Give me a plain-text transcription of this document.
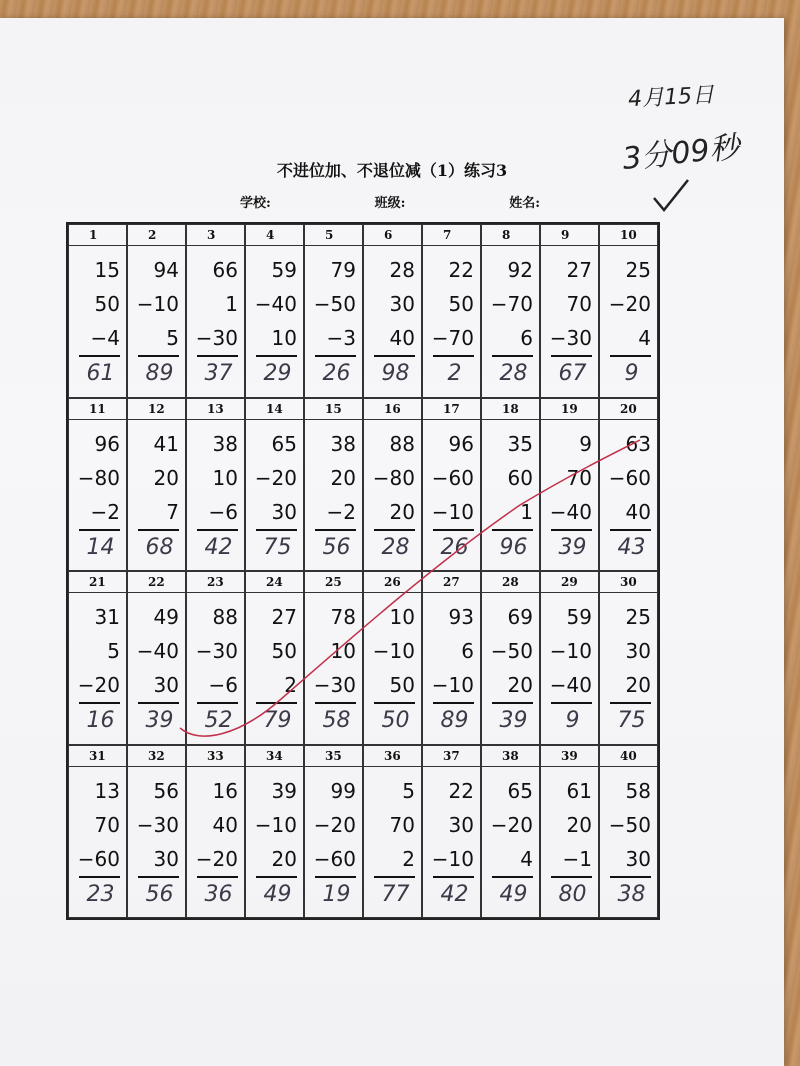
4月15日
3分09秒
不进位加、不退位减（1）练习3
学校:	班级:	姓名:
1
15
50
−4
61
2
94
−10
5
89
3
66
1
−30
37
4
59
−40
10
29
5
79
−50
−3
26
6
28
30
40
98
7
22
50
−70
2
8
92
−70
6
28
9
27
70
−30
67
10
25
−20
4
9
11
96
−80
−2
14
12
41
20
7
68
13
38
10
−6
42
14
65
−20
30
75
15
38
20
−2
56
16
88
−80
20
28
17
96
−60
−10
26
18
35
60
1
96
19
9
70
−40
39
20
63
−60
40
43
21
31
5
−20
16
22
49
−40
30
39
23
88
−30
−6
52
24
27
50
2
79
25
78
10
−30
58
26
10
−10
50
50
27
93
6
−10
89
28
69
−50
20
39
29
59
−10
−40
9
30
25
30
20
75
31
13
70
−60
23
32
56
−30
30
56
33
16
40
−20
36
34
39
−10
20
49
35
99
−20
−60
19
36
5
70
2
77
37
22
30
−10
42
38
65
−20
4
49
39
61
20
−1
80
40
58
−50
30
38
